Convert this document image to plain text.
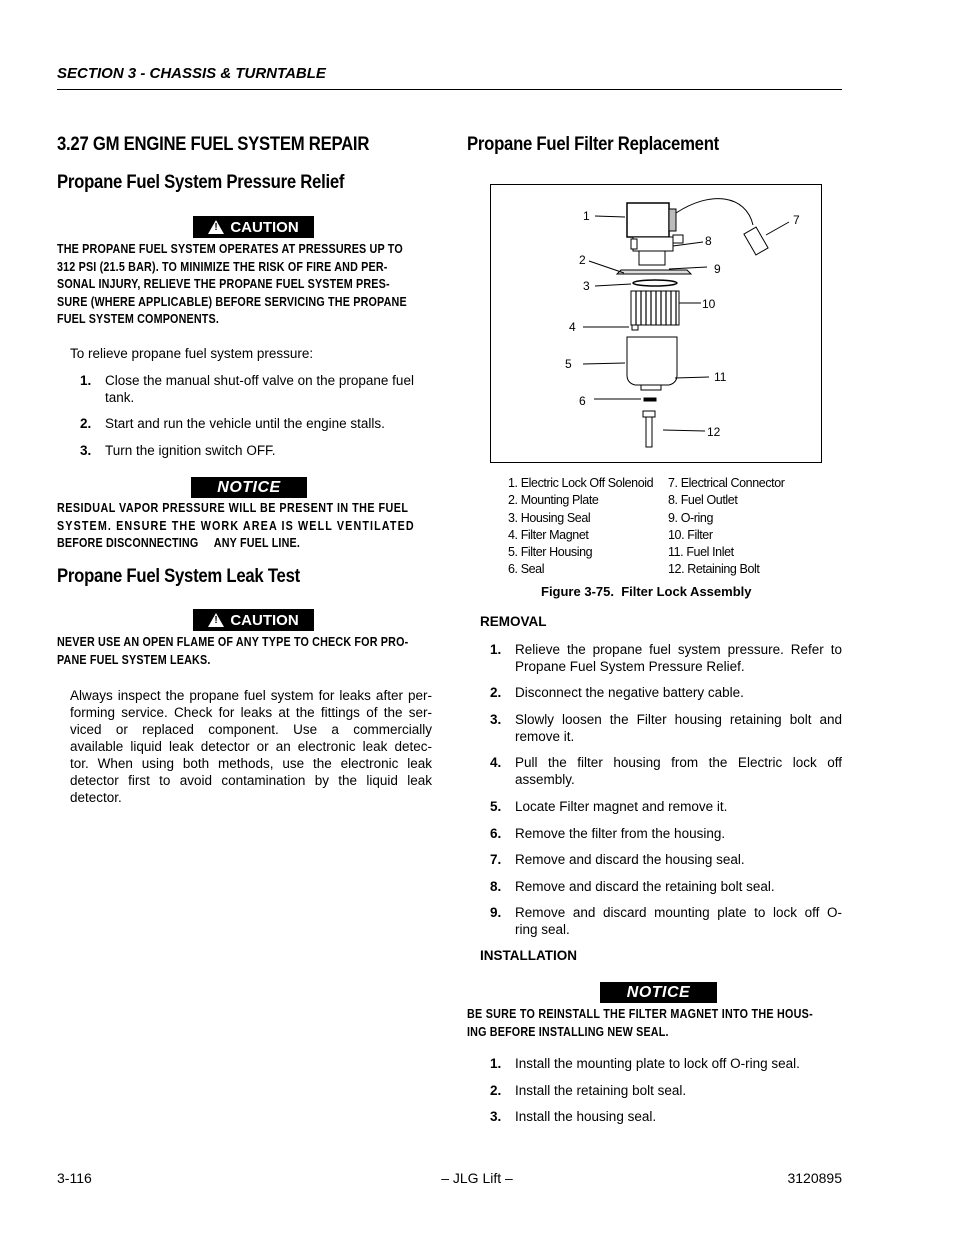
SECTION 3 - CHASSIS & TURNTABLE
3.27 GM ENGINE FUEL SYSTEM REPAIR
Propane Fuel System Pressure Relief
! CAUTION
THE PROPANE FUEL SYSTEM OPERATES AT PRESSURES UP TO
312 PSI (21.5 BAR). TO MINIMIZE THE RISK OF FIRE AND PER-
SONAL INJURY, RELIEVE THE PROPANE FUEL SYSTEM PRES-
SURE (WHERE APPLICABLE) BEFORE SERVICING THE PROPANE
FUEL SYSTEM COMPONENTS.
To relieve propane fuel system pressure:
1. Close the manual shut-off valve on the propane fuel
tank.
2. Start and run the vehicle until the engine stalls.
3. Turn the ignition switch OFF.
NOTICE
RESIDUAL VAPOR PRESSURE WILL BE PRESENT IN THE FUEL
SYSTEM. ENSURE THE WORK AREA IS WELL VENTILATED
BEFORE DISCONNECTING     ANY FUEL LINE.
Propane Fuel System Leak Test
! CAUTION
NEVER USE AN OPEN FLAME OF ANY TYPE TO CHECK FOR PRO-
PANE FUEL SYSTEM LEAKS.
Always inspect the propane fuel system for leaks after per-
forming service. Check for leaks at the fittings of the ser-
viced or replaced component. Use a commercially
available liquid leak detector or an electronic leak detec-
tor. When using both methods, use the electronic leak
detector first to avoid contamination by the liquid leak
detector.
Propane Fuel Filter Replacement
1
2
3
4
5
6
7
8
9
10
11
12
1. Electric Lock Off Solenoid
2. Mounting Plate
3. Housing Seal
4. Filter Magnet
5. Filter Housing
6. Seal
7. Electrical Connector
8. Fuel Outlet
9. O-ring
10. Filter
11. Fuel Inlet
12. Retaining Bolt
Figure 3-75.  Filter Lock Assembly
REMOVAL
1. Relieve the propane fuel system pressure. Refer to
Propane Fuel System Pressure Relief.
2. Disconnect the negative battery cable.
3. Slowly loosen the Filter housing retaining bolt and
remove it.
4. Pull the filter housing from the Electric lock off
assembly.
5. Locate Filter magnet and remove it.
6. Remove the filter from the housing.
7. Remove and discard the housing seal.
8. Remove and discard the retaining bolt seal.
9. Remove and discard mounting plate to lock off O-
ring seal.
INSTALLATION
NOTICE
BE SURE TO REINSTALL THE FILTER MAGNET INTO THE HOUS-
ING BEFORE INSTALLING NEW SEAL.
1. Install the mounting plate to lock off O-ring seal.
2. Install the retaining bolt seal.
3. Install the housing seal.
3-116	– JLG Lift –	3120895
